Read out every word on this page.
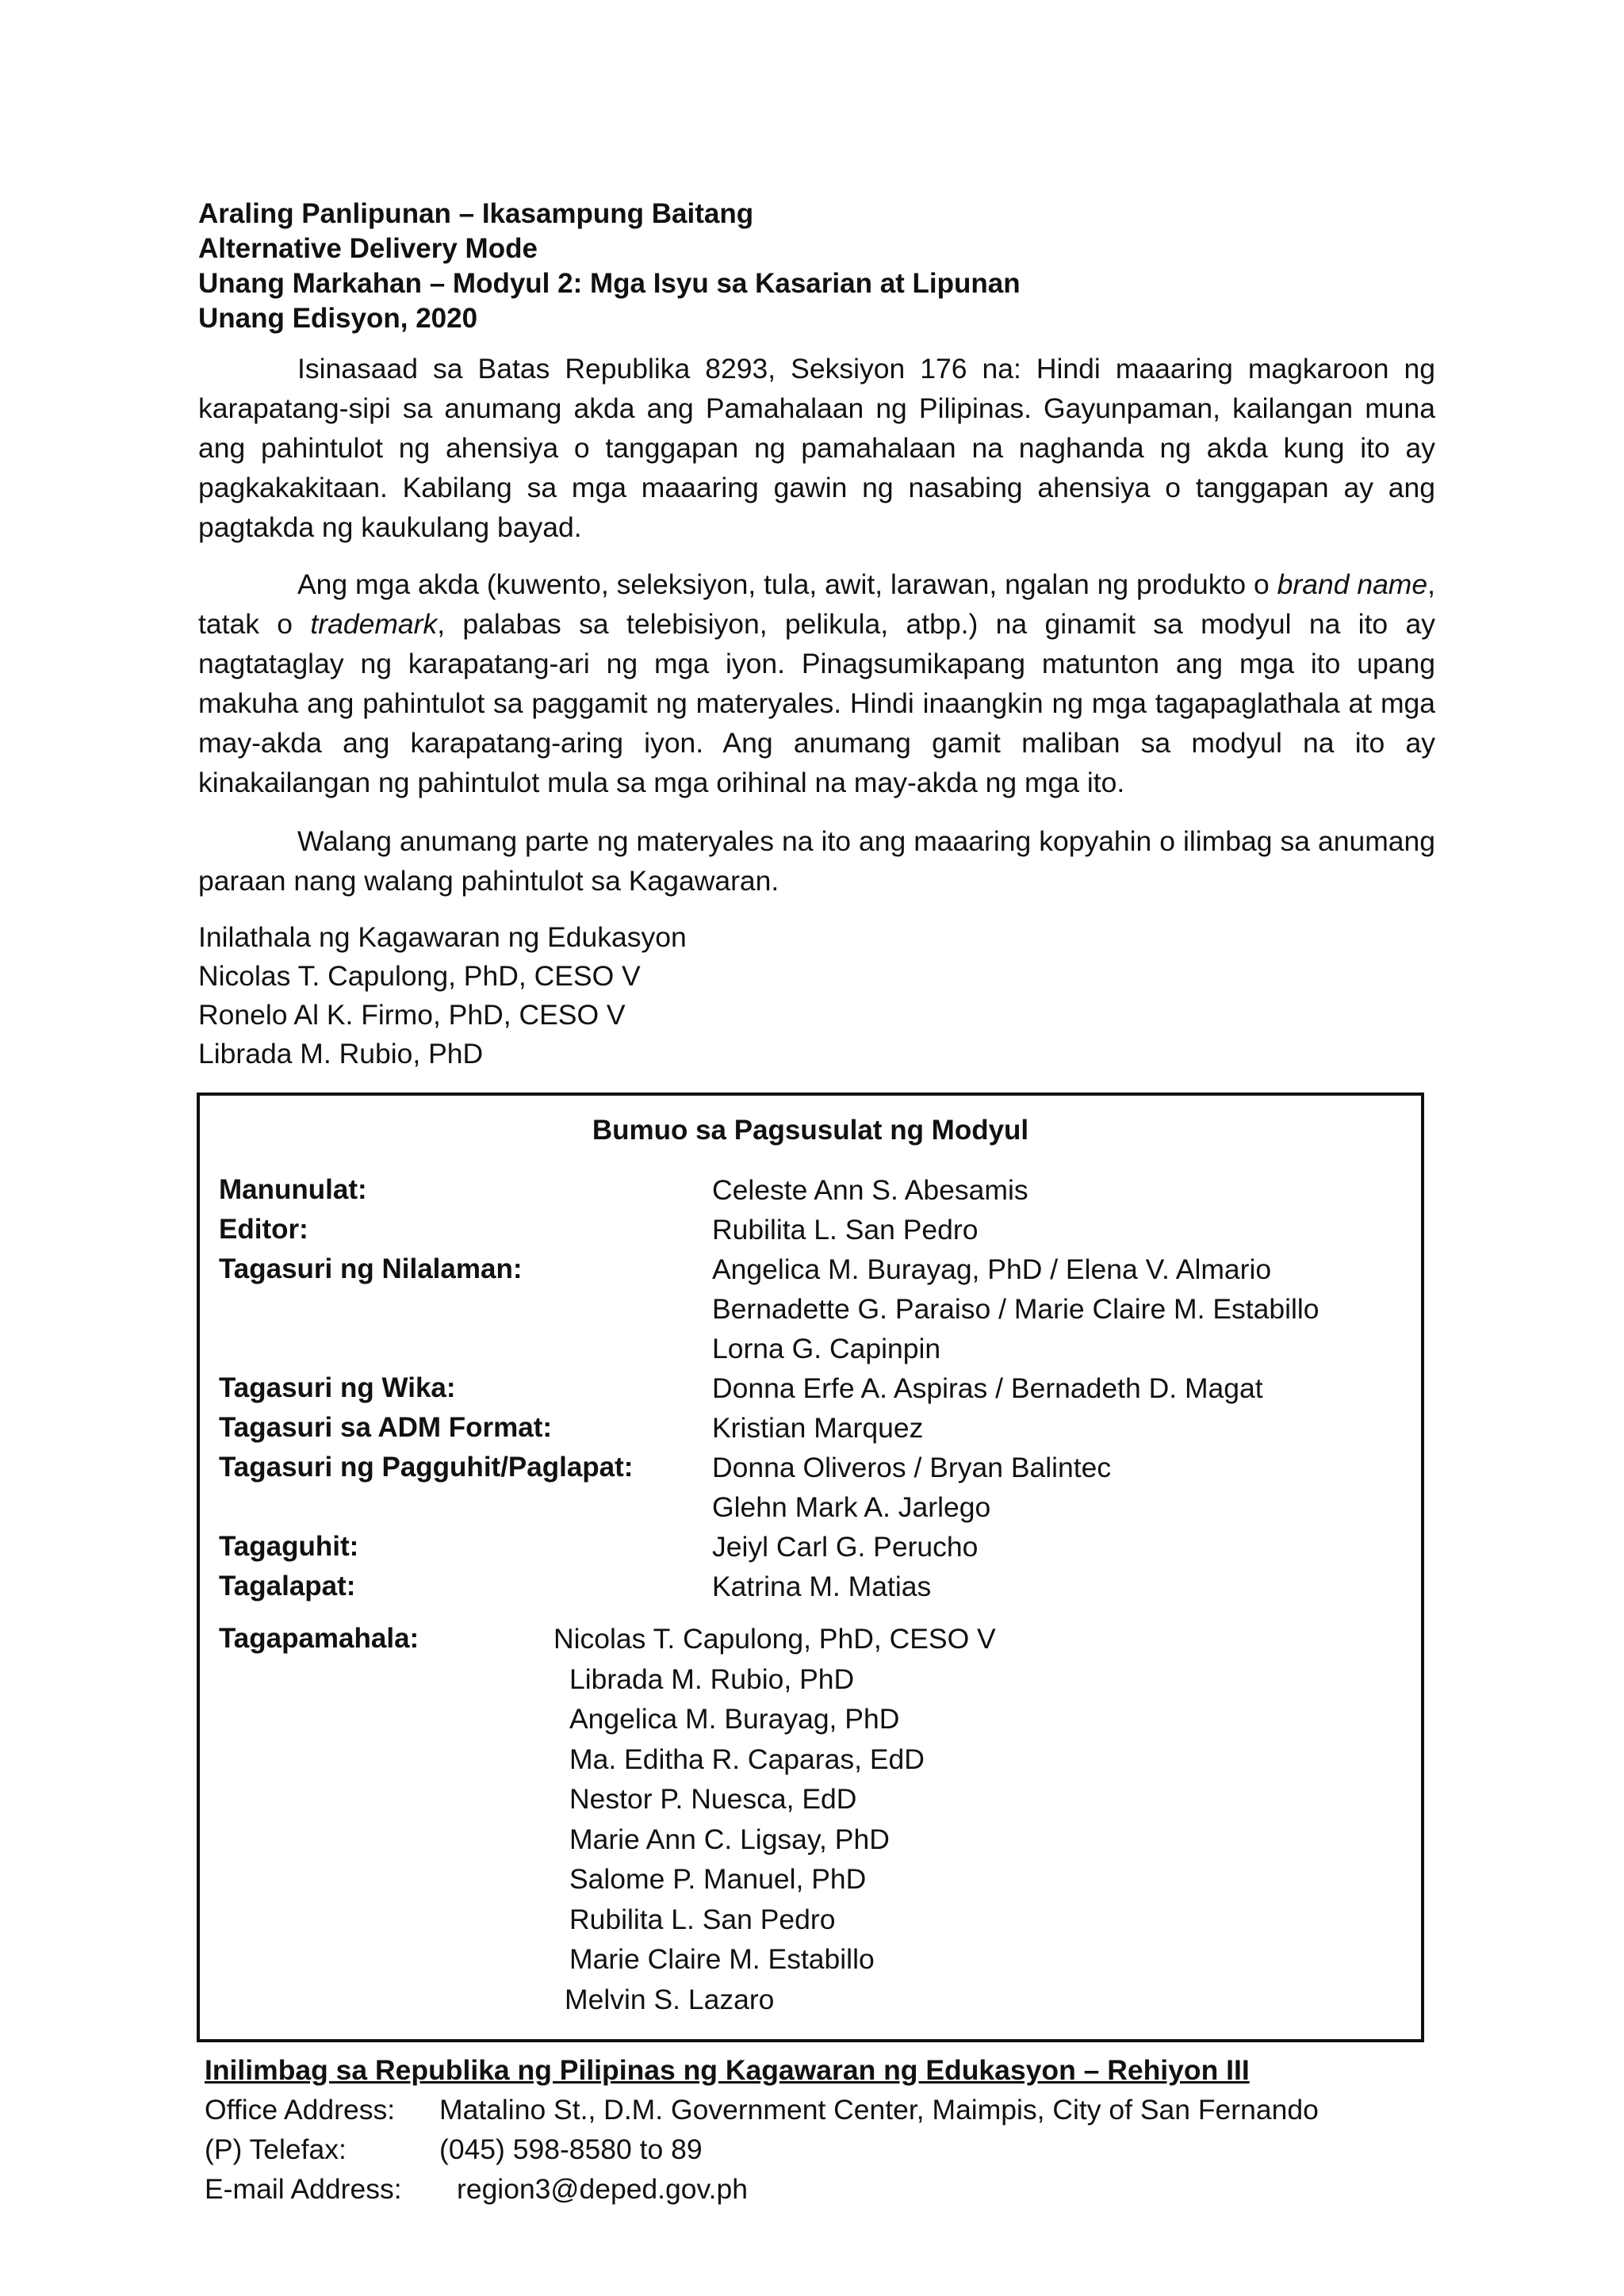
Araling Panlipunan – Ikasampung Baitang
Alternative Delivery Mode
Unang Markahan – Modyul 2: Mga Isyu sa Kasarian at Lipunan
Unang Edisyon, 2020
Isinasaad sa Batas Republika 8293, Seksiyon 176 na: Hindi maaaring magkaroon ng karapatang-sipi sa anumang akda ang Pamahalaan ng Pilipinas. Gayunpaman, kailangan muna ang pahintulot ng ahensiya o tanggapan ng pamahalaan na naghanda ng akda kung ito ay pagkakakitaan. Kabilang sa mga maaaring gawin ng nasabing ahensiya o tanggapan ay ang pagtakda ng kaukulang bayad.
Ang mga akda (kuwento, seleksiyon, tula, awit, larawan, ngalan ng produkto o brand name, tatak o trademark, palabas sa telebisiyon, pelikula, atbp.) na ginamit sa modyul na ito ay nagtataglay ng karapatang-ari ng mga iyon. Pinagsumikapang matunton ang mga ito upang makuha ang pahintulot sa paggamit ng materyales. Hindi inaangkin ng mga tagapaglathala at mga may-akda ang karapatang-aring iyon. Ang anumang gamit maliban sa modyul na ito ay kinakailangan ng pahintulot mula sa mga orihinal na may-akda ng mga ito.
Walang anumang parte ng materyales na ito ang maaaring kopyahin o ilimbag sa anumang paraan nang walang pahintulot sa Kagawaran.
Inilathala ng Kagawaran ng Edukasyon
Nicolas T. Capulong, PhD, CESO V
Ronelo Al K. Firmo, PhD, CESO V
Librada M. Rubio, PhD
Bumuo sa Pagsusulat ng Modyul
Manunulat:	Celeste Ann S. Abesamis
Editor:	Rubilita L. San Pedro
Tagasuri ng Nilalaman:	Angelica M. Burayag, PhD / Elena V. Almario
Bernadette G. Paraiso / Marie Claire M. Estabillo
Lorna G. Capinpin
Tagasuri ng Wika:	Donna Erfe A. Aspiras / Bernadeth D. Magat
Tagasuri sa ADM Format:	Kristian Marquez
Tagasuri ng Pagguhit/Paglapat:	Donna Oliveros / Bryan Balintec
Glehn Mark A. Jarlego
Tagaguhit:	Jeiyl Carl G. Perucho
Tagalapat:	Katrina M. Matias
Tagapamahala:	Nicolas T. Capulong, PhD, CESO V
Librada M. Rubio, PhD
Angelica M. Burayag, PhD
Ma. Editha R. Caparas, EdD
Nestor P. Nuesca, EdD
Marie Ann C. Ligsay, PhD
Salome P. Manuel, PhD
Rubilita L. San Pedro
Marie Claire M. Estabillo
Melvin S. Lazaro
Inilimbag sa Republika ng Pilipinas ng Kagawaran ng Edukasyon – Rehiyon III
Office Address: Matalino St., D.M. Government Center, Maimpis, City of San Fernando
(P) Telefax:	(045) 598-8580 to 89
E-mail Address: region3@deped.gov.ph
